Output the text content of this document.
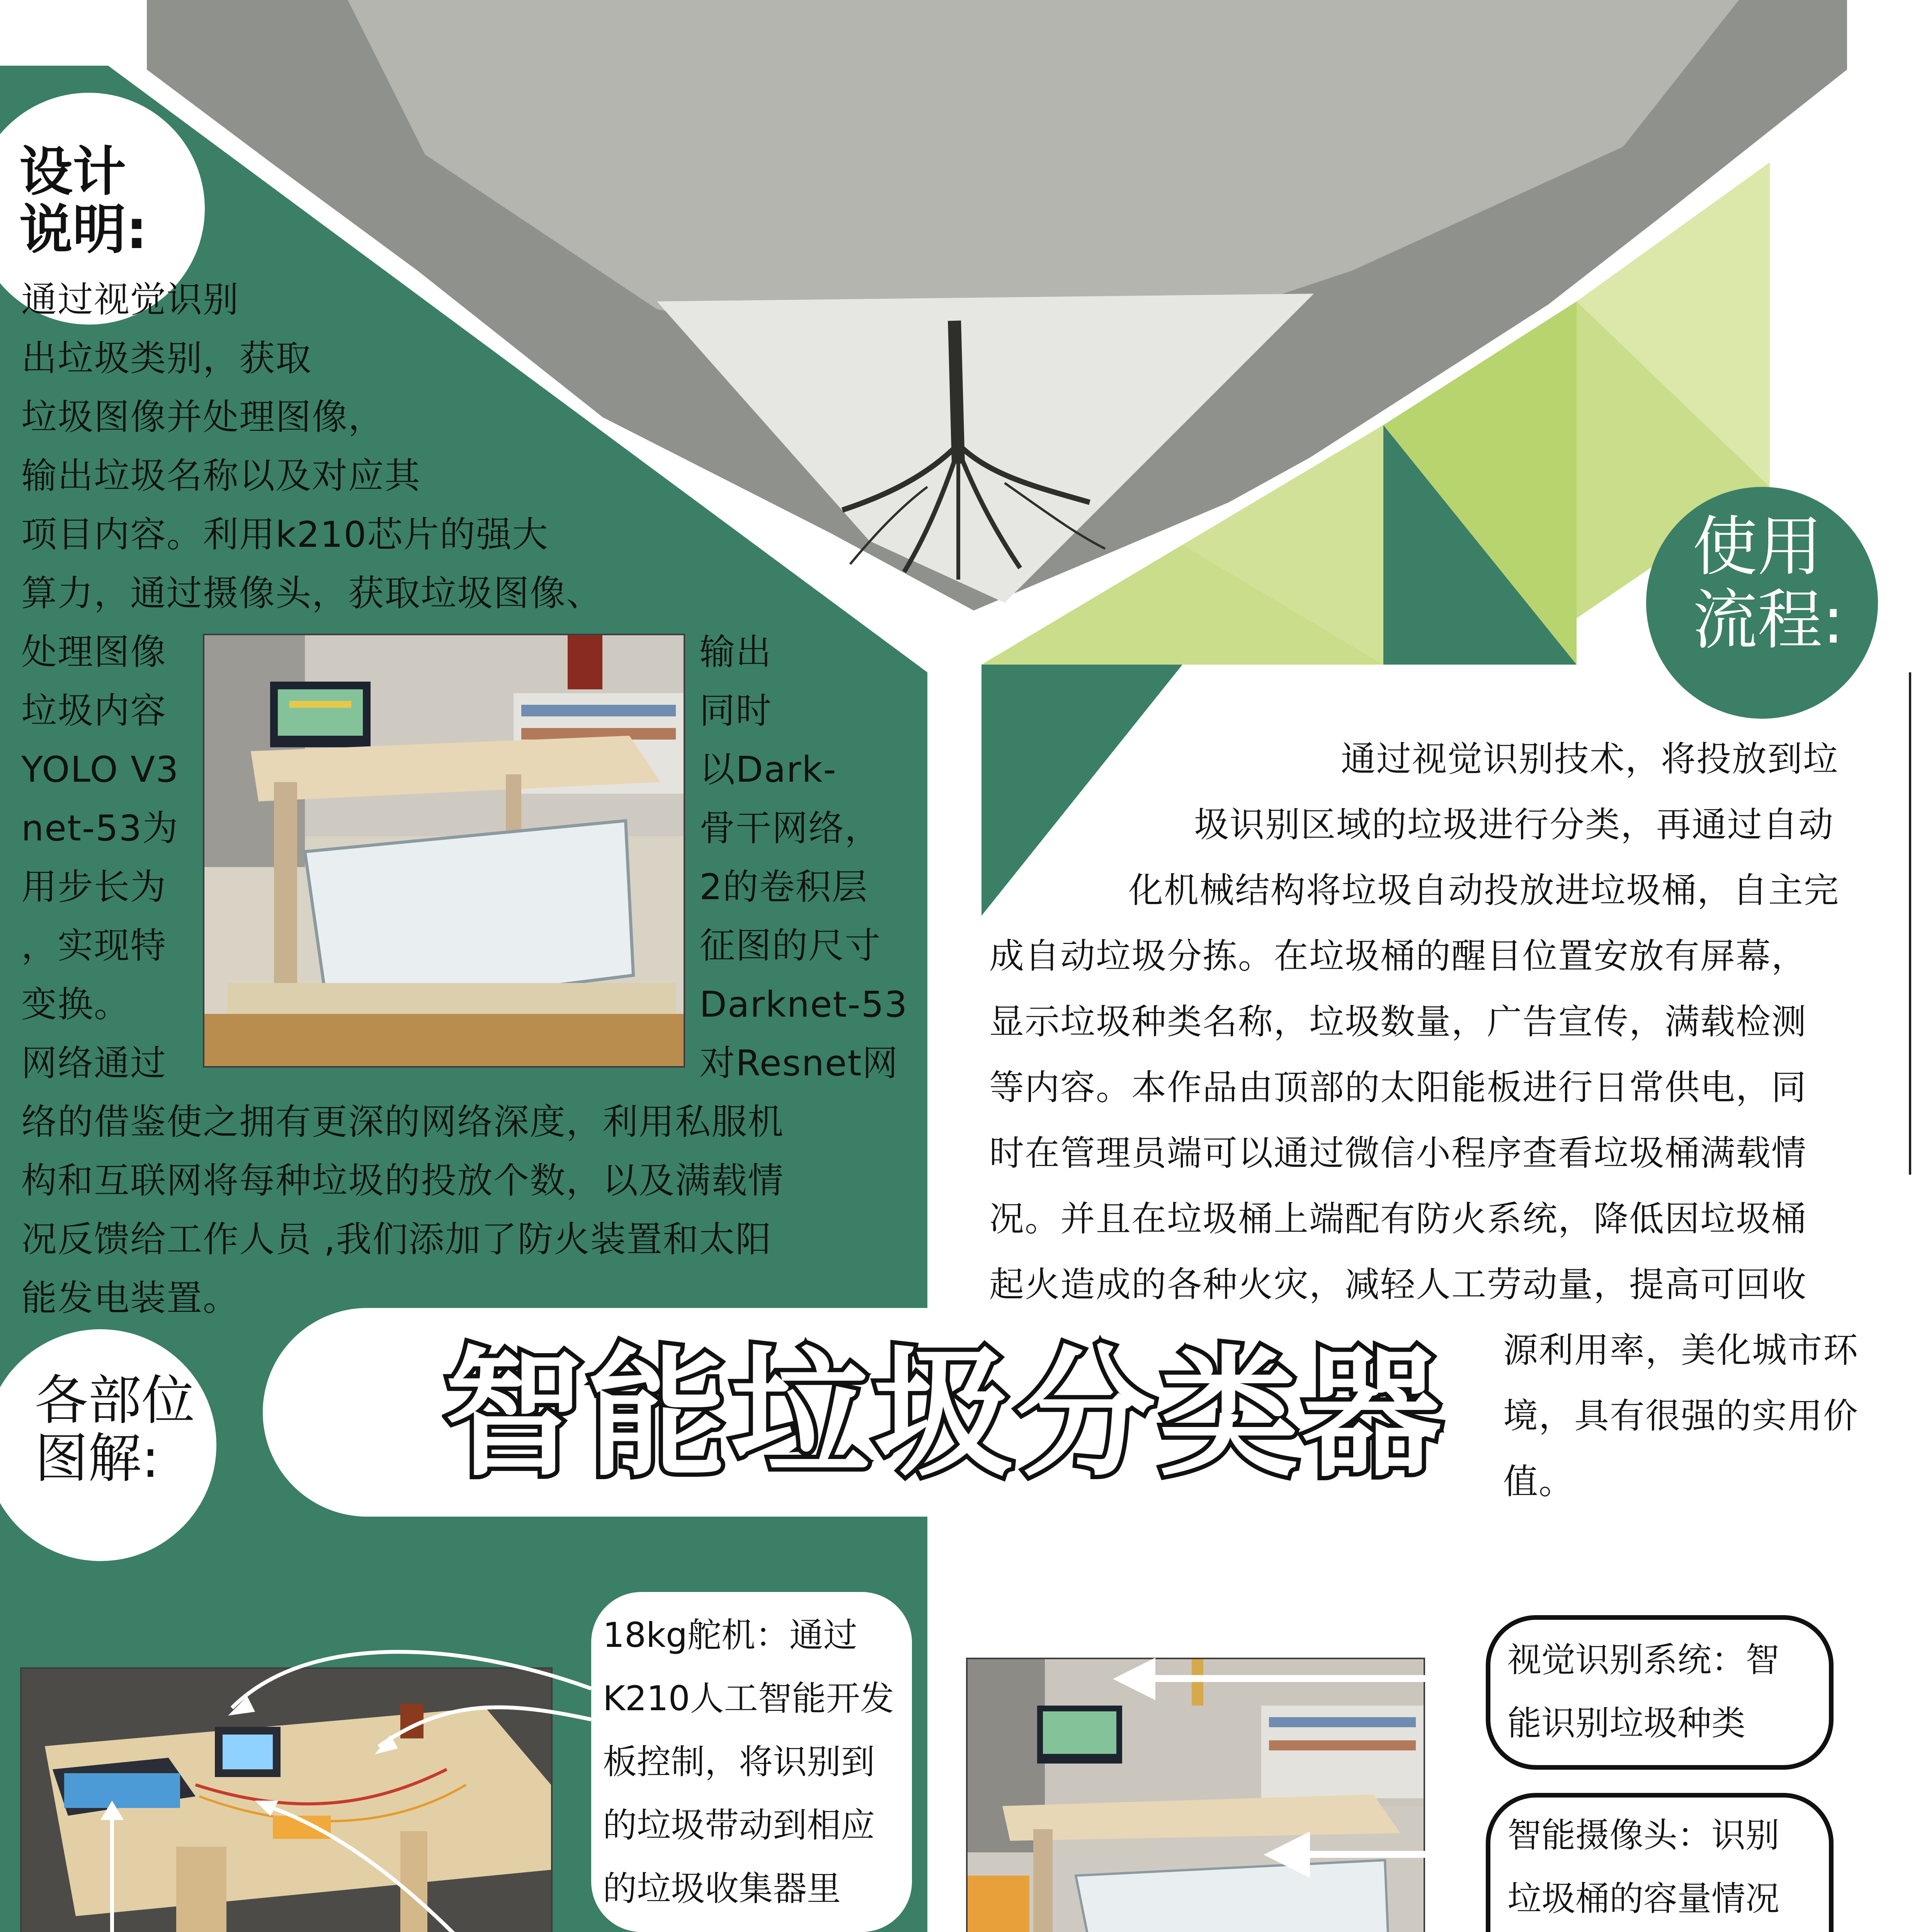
设计
说明:
通过视觉识别
出垃圾类别，获取
垃圾图像并处理图像，
输出垃圾名称以及对应其
项目内容。利用k210芯片的强大
算力，通过摄像头，获取垃圾图像、
处理图像
垃圾内容
YOLO V3
net-53为
用步长为
，实现特
变换。
网络通过
输出
同时
以Dark-
骨干网络，
2的卷积层
征图的尺寸
Darknet-53
对Resnet网
络的借鉴使之拥有更深的网络深度，利用私服机
构和互联网将每种垃圾的投放个数，以及满载情
况反馈给工作人员 ,我们添加了防火装置和太阳
能发电装置。
使用
流程:
通过视觉识别技术，将投放到垃
圾识别区域的垃圾进行分类，再通过自动
化机械结构将垃圾自动投放进垃圾桶，自主完
成自动垃圾分拣。在垃圾桶的醒目位置安放有屏幕，
显示垃圾种类名称，垃圾数量，广告宣传，满载检测
等内容。本作品由顶部的太阳能板进行日常供电，同
时在管理员端可以通过微信小程序查看垃圾桶满载情
况。并且在垃圾桶上端配有防火系统，降低因垃圾桶
起火造成的各种火灾，减轻人工劳动量，提高可回收
源利用率，美化城市环
境，具有很强的实用价
值。
智能垃圾分类器
各部位
图解:
18kg舵机：通过
K210人工智能开发
板控制，将识别到
的垃圾带动到相应
的垃圾收集器里
视觉识别系统：智
能识别垃圾种类
智能摄像头：识别
垃圾桶的容量情况
